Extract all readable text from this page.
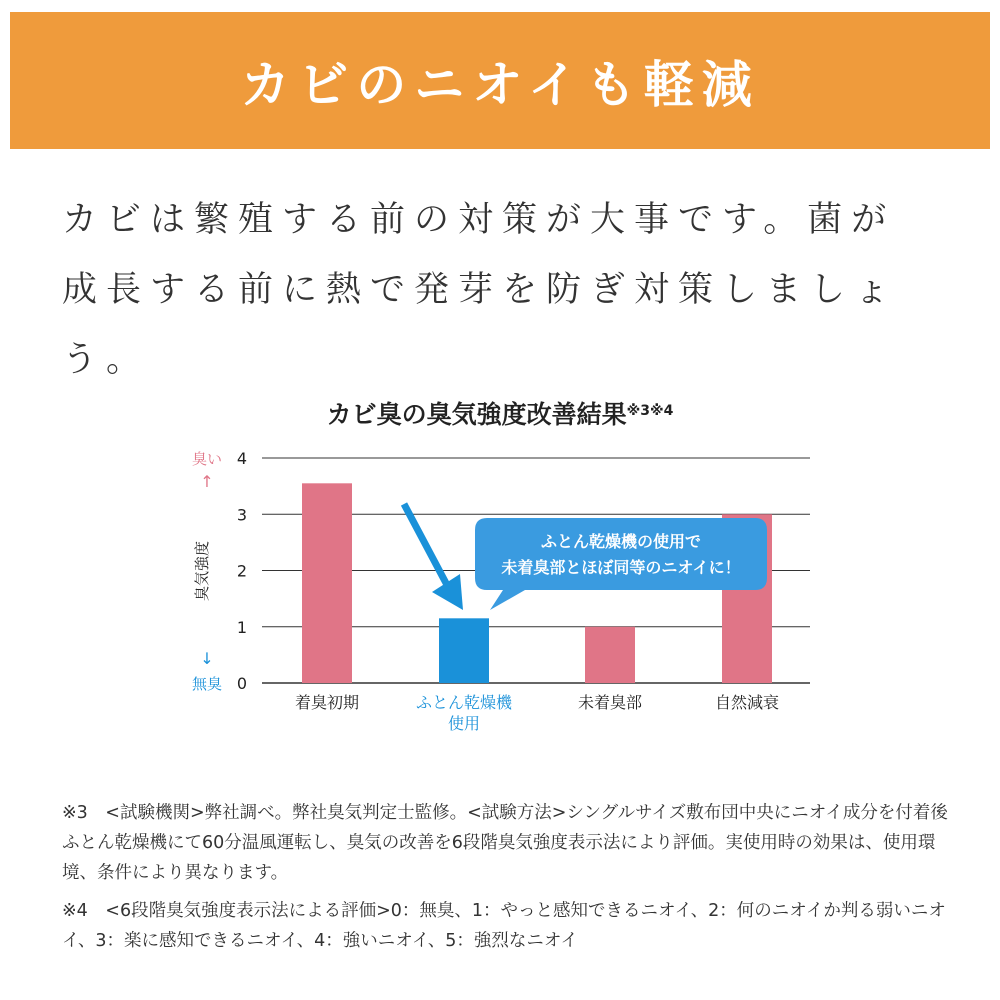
カビのニオイも軽減
カビは繁殖する前の対策が大事です。菌が
成長する前に熱で発芽を防ぎ対策しましょう。
カビ臭の臭気強度改善結果$^{※3※4}$
0
1
2
3
4
臭い
↑
↓
無臭
臭気強度
着臭初期	ふとん乾燥機
使用
未着臭部	自然減衰
ふとん乾燥機の使用で
未着臭部とほぼ同等のニオイに！

※3　<試験機関>弊社調べ。弊社臭気判定士監修。<試験方法>シングルサイズ敷布団中央にニオイ成分を付着後ふとん乾燥機にて60分温風運転し、臭気の改善を6段階臭気強度表示法により評価。実使用時の効果は、使用環境、条件により異なります。

※4　<6段階臭気強度表示法による評価>0：無臭、1：やっと感知できるニオイ、2：何のニオイか判る弱いニオイ、3：楽に感知できるニオイ、4：強いニオイ、5：強烈なニオイ
